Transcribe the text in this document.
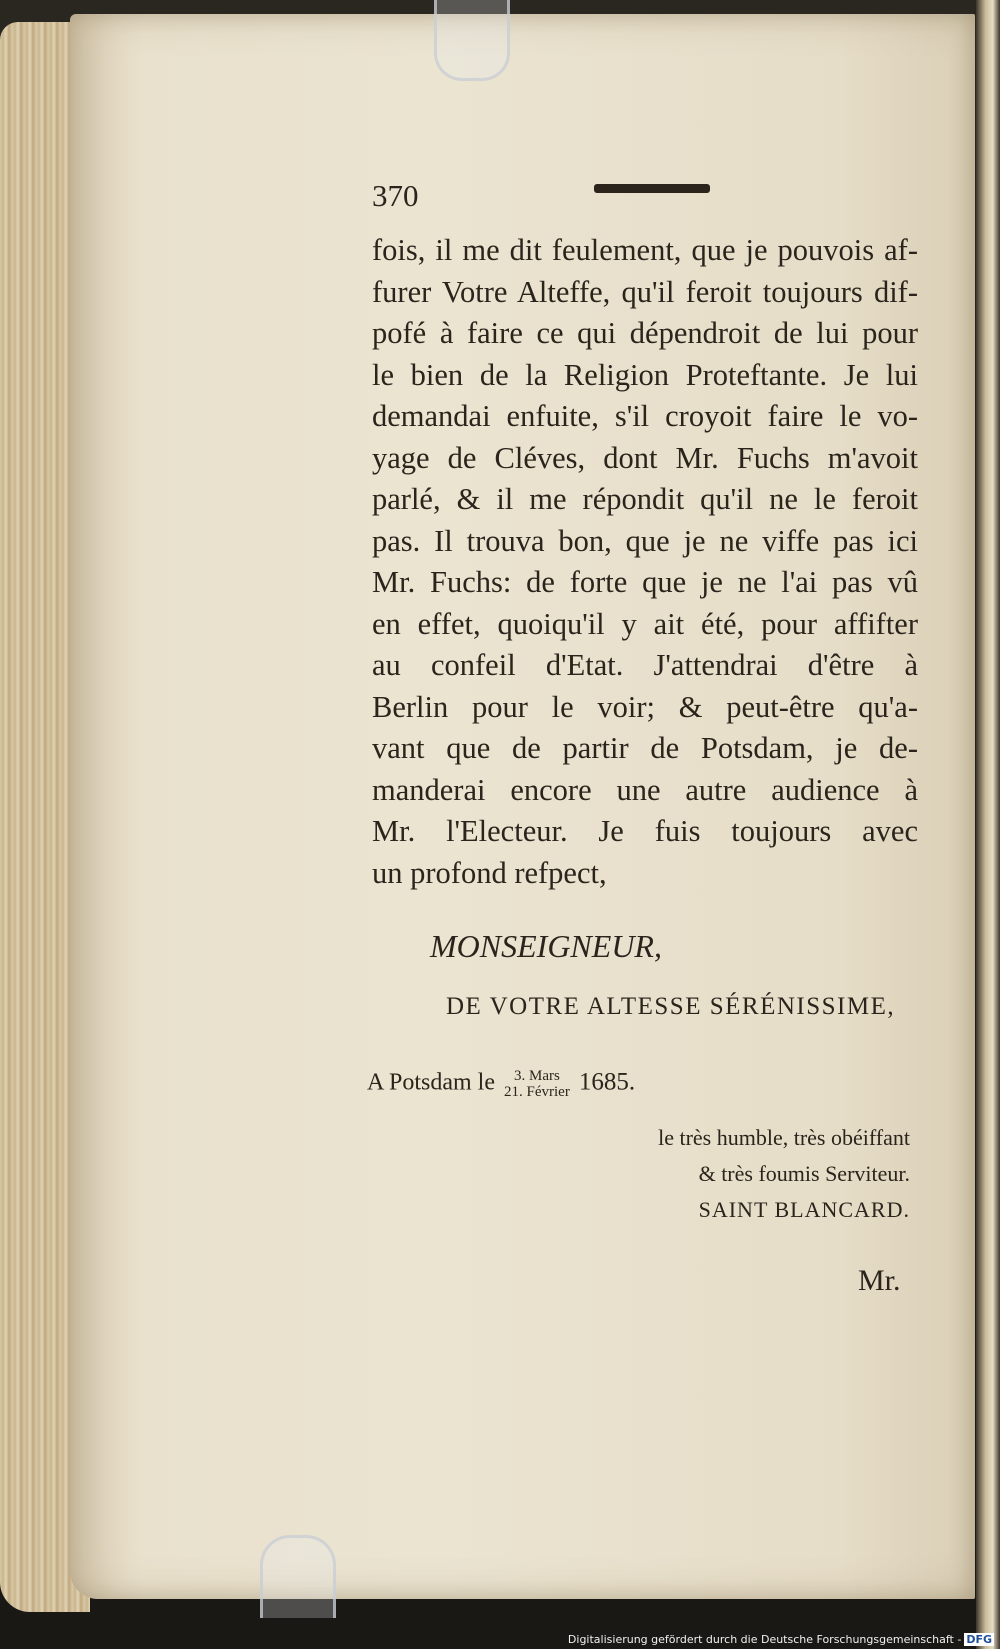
370
fois, il me dit feulement, que je pouvois af-
furer Votre Alteffe, qu'il feroit toujours dif-
pofé à faire ce qui dépendroit de lui pour
le bien de la Religion Proteftante. Je lui
demandai enfuite, s'il croyoit faire le vo-
yage de Cléves, dont Mr. Fuchs m'avoit
parlé, & il me répondit qu'il ne le feroit
pas. Il trouva bon, que je ne viffe pas ici
Mr. Fuchs: de forte que je ne l'ai pas vû
en effet, quoiqu'il y ait été, pour affifter
au confeil d'Etat. J'attendrai d'être à
Berlin pour le voir; & peut-être qu'a-
vant que de partir de Potsdam, je de-
manderai encore une autre audience à
Mr. l'Electeur. Je fuis toujours avec
un profond refpect,
MONSEIGNEUR,
DE VOTRE ALTESSE SÉRÉNISSIME,
A Potsdam le	3. Mars
21. Février 1685.
le très humble, très obéiffant
& très foumis Serviteur.
SAINT BLANCARD.
Mr.
Digitalisierung gefördert durch die Deutsche Forschungsgemeinschaft - DFG
